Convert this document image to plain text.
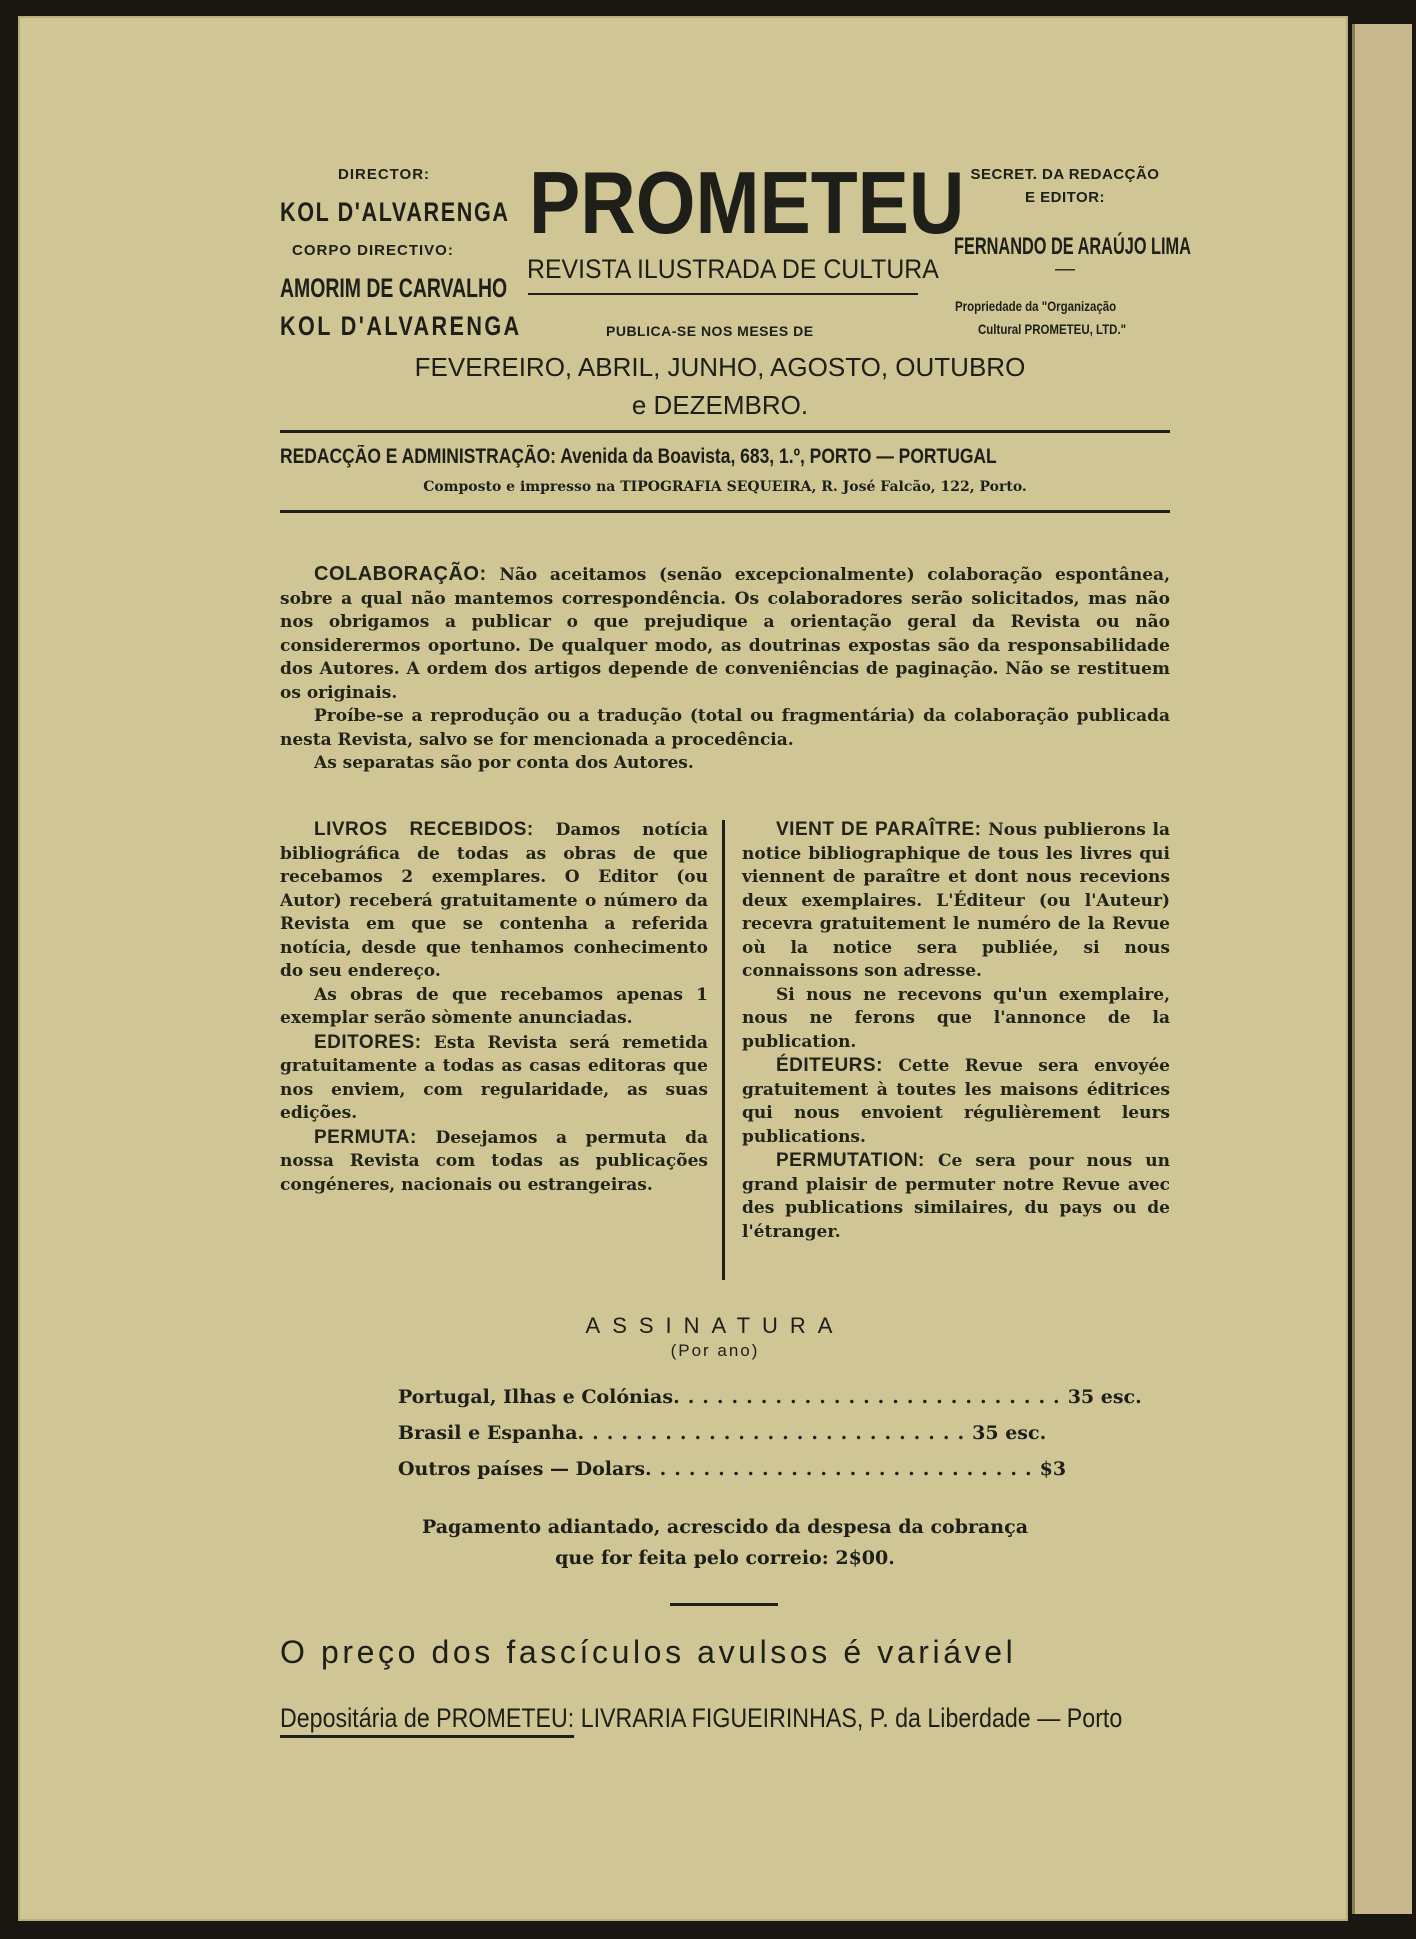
DIRECTOR:
KOL D'ALVARENGA
CORPO DIRECTIVO:
AMORIM DE CARVALHO
KOL D'ALVARENGA
PROMETEU
REVISTA ILUSTRADA DE CULTURA
PUBLICA-SE NOS MESES DE
FEVEREIRO, ABRIL, JUNHO, AGOSTO, OUTUBRO
e DEZEMBRO.
SECRET. DA REDACÇÃO
E EDITOR:
FERNANDO DE ARAÚJO LIMA
—
Propriedade da "Organização
Cultural PROMETEU, LTD."
REDACÇÃO E ADMINISTRAÇÃO: Avenida da Boavista, 683, 1.º, PORTO — PORTUGAL
Composto e impresso na TIPOGRAFIA SEQUEIRA, R. José Falcão, 122, Porto.

COLABORAÇÃO: Não aceitamos (senão excepcionalmente) colaboração espontânea, sobre a qual não mantemos correspondência. Os colaboradores serão solicitados, mas não nos obrigamos a publicar o que prejudique a orientação geral da Revista ou não considerermos oportuno. De qualquer modo, as doutrinas expostas são da responsabilidade dos Autores. A ordem dos artigos depende de conveniências de paginação. Não se restituem os originais.

Proíbe-se a reprodução ou a tradução (total ou fragmentária) da colaboração publicada nesta Revista, salvo se for mencionada a procedência.

As separatas são por conta dos Autores.

LIVROS RECEBIDOS: Damos notícia bibliográfica de todas as obras de que recebamos 2 exemplares. O Editor (ou Autor) receberá gratuitamente o número da Revista em que se contenha a referida notícia, desde que tenhamos conhecimento do seu endereço.

As obras de que recebamos apenas 1 exemplar serão sòmente anunciadas.

EDITORES: Esta Revista será remetida gratuitamente a todas as casas editoras que nos enviem, com regularidade, as suas edições.

PERMUTA: Desejamos a permuta da nossa Revista com todas as publicações congéneres, nacionais ou estrangeiras.

VIENT DE PARAÎTRE: Nous publierons la notice bibliographique de tous les livres qui viennent de paraître et dont nous recevions deux exemplaires. L'Éditeur (ou l'Auteur) recevra gratuitement le numéro de la Revue où la notice sera publiée, si nous connaissons son adresse.

Si nous ne recevons qu'un exemplaire, nous ne ferons que l'annonce de la publication.

ÉDITEURS: Cette Revue sera envoyée gratuitement à toutes les maisons éditrices qui nous envoient régulièrement leurs publications.

PERMUTATION: Ce sera pour nous un grand plaisir de permuter notre Revue avec des publications similaires, du pays ou de l'étranger.

ASSINATURA
(Por ano)
Portugal, Ilhas e Colónias ........................... 35 esc.
Brasil e Espanha ........................... 35 esc.
Outros países — Dolars ........................... $3
Pagamento adiantado, acrescido da despesa da cobrança
que for feita pelo correio: 2$00.
O preço dos fascículos avulsos é variável
Depositária de PROMETEU: LIVRARIA FIGUEIRINHAS, P. da Liberdade — Porto
